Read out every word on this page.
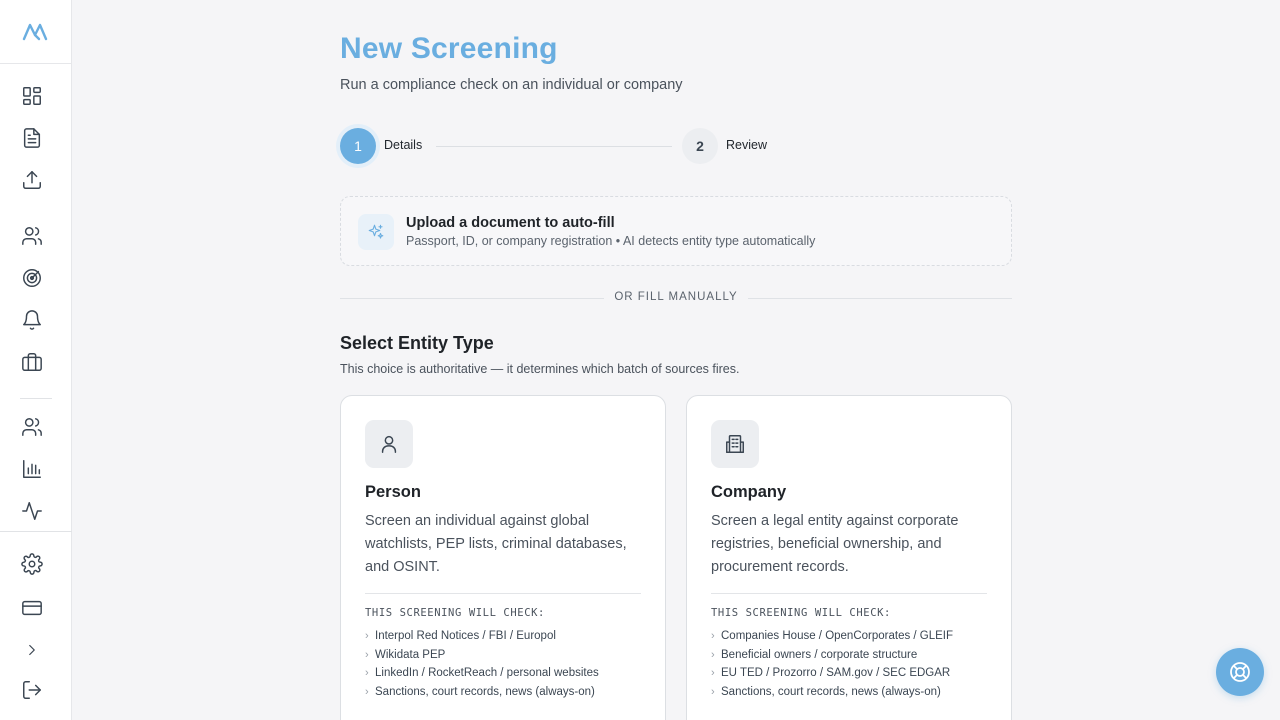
New Screening

Run a compliance check on an individual or company

1	Details	2	Review
Upload a document to auto-fill
Passport, ID, or company registration • AI detects entity type automatically
OR FILL MANUALLY
Select Entity Type

This choice is authoritative — it determines which batch of sources fires.

Person
Screen an individual against global watchlists, PEP lists, criminal databases, and OSINT.
THIS SCREENING WILL CHECK:
› Interpol Red Notices / FBI / Europol
› Wikidata PEP
› LinkedIn / RocketReach / personal websites
› Sanctions, court records, news (always-on)
Company
Screen a legal entity against corporate registries, beneficial ownership, and procurement records.
THIS SCREENING WILL CHECK:
› Companies House / OpenCorporates / GLEIF
› Beneficial owners / corporate structure
› EU TED / Prozorro / SAM.gov / SEC EDGAR
› Sanctions, court records, news (always-on)
